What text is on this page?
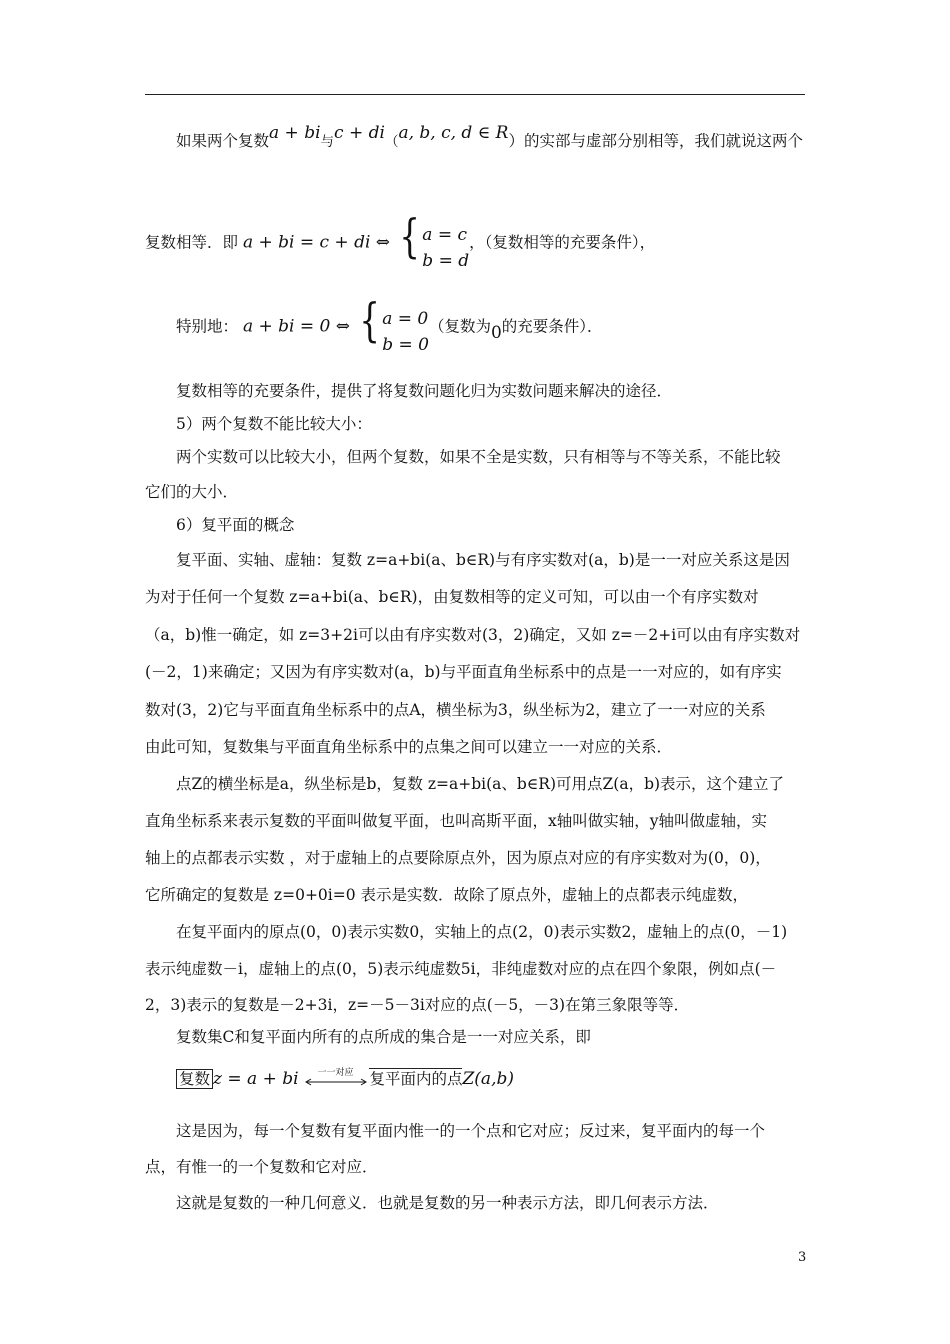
如果两个复数a + bi与c + di（a, b, c, d ∈ R）的实部与虚部分别相等，我们就说这两个
复数相等．即 a + bi = c + di ⇔ { a = c
b = d，（复数相等的充要条件），
特别地： a + bi = 0 ⇔ { a = 0
b = 0（复数为0的充要条件）．
复数相等的充要条件，提供了将复数问题化归为实数问题来解决的途径．
5）两个复数不能比较大小：
两个实数可以比较大小，但两个复数，如果不全是实数，只有相等与不等关系，不能比较
它们的大小．
6）复平面的概念
复平面、实轴、虚轴：复数 z=a+bi(a、b∈R)与有序实数对(a，b)是一一对应关系这是因
为对于任何一个复数 z=a+bi(a、b∈R)，由复数相等的定义可知，可以由一个有序实数对
（a，b)惟一确定，如 z=3+2i可以由有序实数对(3，2)确定，又如 z=－2+i可以由有序实数对
(－2，1)来确定；又因为有序实数对(a，b)与平面直角坐标系中的点是一一对应的，如有序实
数对(3，2)它与平面直角坐标系中的点A，横坐标为3，纵坐标为2，建立了一一对应的关系
由此可知，复数集与平面直角坐标系中的点集之间可以建立一一对应的关系．
点Z的横坐标是a，纵坐标是b，复数 z=a+bi(a、b∈R)可用点Z(a，b)表示，这个建立了
直角坐标系来表示复数的平面叫做复平面，也叫高斯平面，x轴叫做实轴，y轴叫做虚轴，实
轴上的点都表示实数 ，对于虚轴上的点要除原点外，因为原点对应的有序实数对为(0，0)，
它所确定的复数是 z=0+0i=0 表示是实数．故除了原点外，虚轴上的点都表示纯虚数，
在复平面内的原点(0，0)表示实数0，实轴上的点(2，0)表示实数2，虚轴上的点(0，－1)
表示纯虚数－i，虚轴上的点(0，5)表示纯虚数5i，非纯虚数对应的点在四个象限，例如点(－
2，3)表示的复数是－2+3i，z=－5－3i对应的点(－5，－3)在第三象限等等．
复数集C和复平面内所有的点所成的集合是一一对应关系，即
复数 z = a + bi 一一对应 复平面内的点Z(a,b)
这是因为，每一个复数有复平面内惟一的一个点和它对应；反过来，复平面内的每一个
点，有惟一的一个复数和它对应．
这就是复数的一种几何意义．也就是复数的另一种表示方法，即几何表示方法．
3
